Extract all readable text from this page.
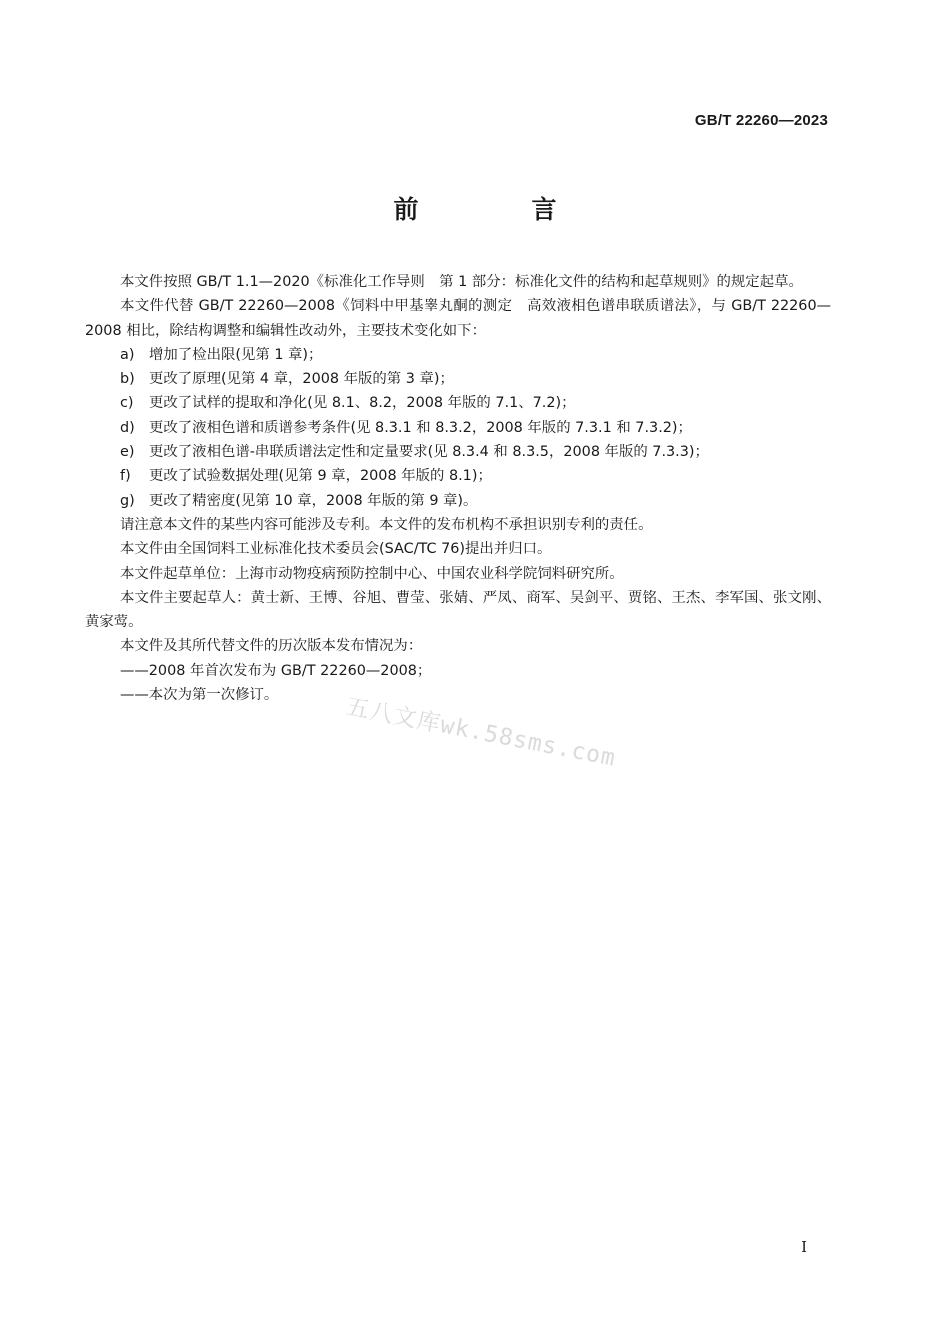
GB/T 22260—2023
前　言

本文件按照 GB/T 1.1—2020《标准化工作导则　第 1 部分：标准化文件的结构和起草规则》的规定起草。

本文件代替 GB/T 22260—2008《饲料中甲基睾丸酮的测定　高效液相色谱串联质谱法》，与 GB/T 22260—2008 相比，除结构调整和编辑性改动外，主要技术变化如下：

a)	增加了检出限(见第 1 章)；

b) 更改了原理(见第 4 章，2008 年版的第 3 章)；

c)	更改了试样的提取和净化(见 8.1、8.2，2008 年版的 7.1、7.2)；

d) 更改了液相色谱和质谱参考条件(见 8.3.1 和 8.3.2，2008 年版的 7.3.1 和 7.3.2)；

e)	更改了液相色谱-串联质谱法定性和定量要求(见 8.3.4 和 8.3.5，2008 年版的 7.3.3)；

f)	更改了试验数据处理(见第 9 章，2008 年版的 8.1)；

g) 更改了精密度(见第 10 章，2008 年版的第 9 章)。

请注意本文件的某些内容可能涉及专利。本文件的发布机构不承担识别专利的责任。

本文件由全国饲料工业标准化技术委员会(SAC/TC 76)提出并归口。

本文件起草单位：上海市动物疫病预防控制中心、中国农业科学院饲料研究所。

本文件主要起草人：黄士新、王博、谷旭、曹莹、张婧、严凤、商军、吴剑平、贾铭、王杰、李军国、张文刚、黄家莺。

本文件及其所代替文件的历次版本发布情况为：

——2008 年首次发布为 GB/T 22260—2008；

——本次为第一次修订。	五八文库wk.58sms.com
I
